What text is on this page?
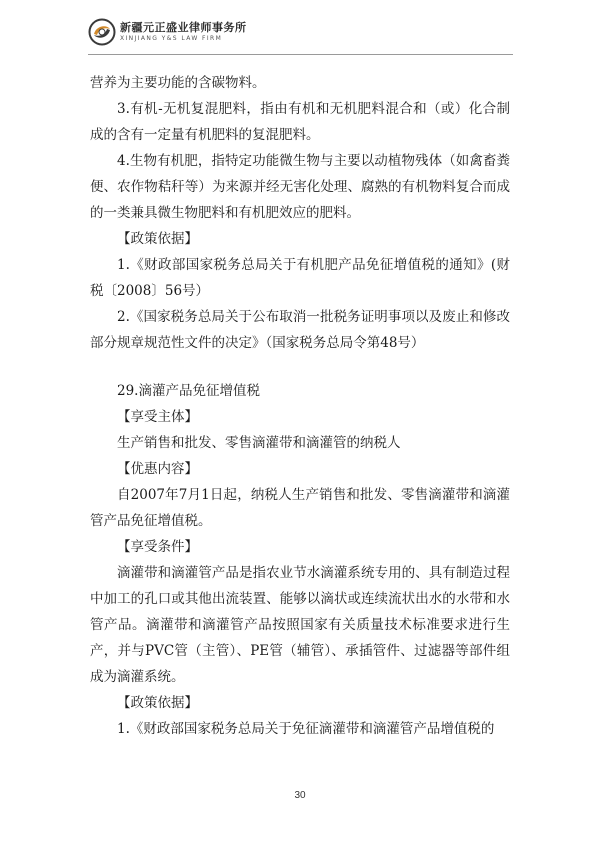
新疆元正盛业律师事务所
XINJIANG Y&S LAW FIRM

营养为主要功能的含碳物料。

3.有机-无机复混肥料，指由有机和无机肥料混合和（或）化合制成的含有一定量有机肥料的复混肥料。

4.生物有机肥，指特定功能微生物与主要以动植物残体（如禽畜粪便、农作物秸秆等）为来源并经无害化处理、腐熟的有机物料复合而成的一类兼具微生物肥料和有机肥效应的肥料。

【政策依据】

1.《财政部国家税务总局关于有机肥产品免征增值税的通知》(财税〔2008〕56号）

2.《国家税务总局关于公布取消一批税务证明事项以及废止和修改部分规章规范性文件的决定》（国家税务总局令第48号）

29.滴灌产品免征增值税

【享受主体】

生产销售和批发、零售滴灌带和滴灌管的纳税人

【优惠内容】

自2007年7月1日起，纳税人生产销售和批发、零售滴灌带和滴灌管产品免征增值税。

【享受条件】

滴灌带和滴灌管产品是指农业节水滴灌系统专用的、具有制造过程中加工的孔口或其他出流装置、能够以滴状或连续流状出水的水带和水管产品。滴灌带和滴灌管产品按照国家有关质量技术标准要求进行生产，并与PVC管（主管）、PE管（辅管）、承插管件、过滤器等部件组成为滴灌系统。

【政策依据】

1.《财政部国家税务总局关于免征滴灌带和滴灌管产品增值税的

30
